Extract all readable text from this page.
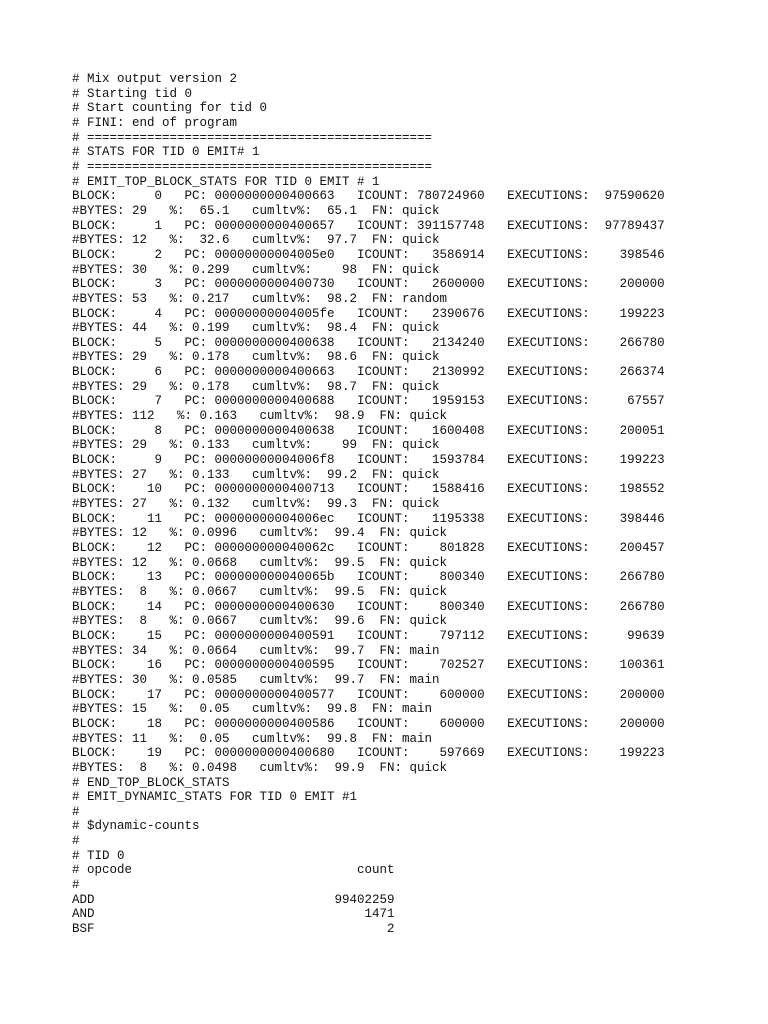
# Mix output version 2
# Starting tid 0
# Start counting for tid 0
# FINI: end of program
# ==============================================
# STATS FOR TID 0 EMIT# 1
# ==============================================
# EMIT_TOP_BLOCK_STATS FOR TID 0 EMIT # 1
BLOCK:     0   PC: 0000000000400663   ICOUNT: 780724960   EXECUTIONS:  97590620
#BYTES: 29   %:  65.1   cumltv%:  65.1  FN: quick
BLOCK:     1   PC: 0000000000400657   ICOUNT: 391157748   EXECUTIONS:  97789437
#BYTES: 12   %:  32.6   cumltv%:  97.7  FN: quick
BLOCK:     2   PC: 00000000004005e0   ICOUNT:   3586914   EXECUTIONS:    398546
#BYTES: 30   %: 0.299   cumltv%:    98  FN: quick
BLOCK:     3   PC: 0000000000400730   ICOUNT:   2600000   EXECUTIONS:    200000
#BYTES: 53   %: 0.217   cumltv%:  98.2  FN: random
BLOCK:     4   PC: 00000000004005fe   ICOUNT:   2390676   EXECUTIONS:    199223
#BYTES: 44   %: 0.199   cumltv%:  98.4  FN: quick
BLOCK:     5   PC: 0000000000400638   ICOUNT:   2134240   EXECUTIONS:    266780
#BYTES: 29   %: 0.178   cumltv%:  98.6  FN: quick
BLOCK:     6   PC: 0000000000400663   ICOUNT:   2130992   EXECUTIONS:    266374
#BYTES: 29   %: 0.178   cumltv%:  98.7  FN: quick
BLOCK:     7   PC: 0000000000400688   ICOUNT:   1959153   EXECUTIONS:     67557
#BYTES: 112   %: 0.163   cumltv%:  98.9  FN: quick
BLOCK:     8   PC: 0000000000400638   ICOUNT:   1600408   EXECUTIONS:    200051
#BYTES: 29   %: 0.133   cumltv%:    99  FN: quick
BLOCK:     9   PC: 00000000004006f8   ICOUNT:   1593784   EXECUTIONS:    199223
#BYTES: 27   %: 0.133   cumltv%:  99.2  FN: quick
BLOCK:    10   PC: 0000000000400713   ICOUNT:   1588416   EXECUTIONS:    198552
#BYTES: 27   %: 0.132   cumltv%:  99.3  FN: quick
BLOCK:    11   PC: 00000000004006ec   ICOUNT:   1195338   EXECUTIONS:    398446
#BYTES: 12   %: 0.0996   cumltv%:  99.4  FN: quick
BLOCK:    12   PC: 000000000040062c   ICOUNT:    801828   EXECUTIONS:    200457
#BYTES: 12   %: 0.0668   cumltv%:  99.5  FN: quick
BLOCK:    13   PC: 000000000040065b   ICOUNT:    800340   EXECUTIONS:    266780
#BYTES:  8   %: 0.0667   cumltv%:  99.5  FN: quick
BLOCK:    14   PC: 0000000000400630   ICOUNT:    800340   EXECUTIONS:    266780
#BYTES:  8   %: 0.0667   cumltv%:  99.6  FN: quick
BLOCK:    15   PC: 0000000000400591   ICOUNT:    797112   EXECUTIONS:     99639
#BYTES: 34   %: 0.0664   cumltv%:  99.7  FN: main
BLOCK:    16   PC: 0000000000400595   ICOUNT:    702527   EXECUTIONS:    100361
#BYTES: 30   %: 0.0585   cumltv%:  99.7  FN: main
BLOCK:    17   PC: 0000000000400577   ICOUNT:    600000   EXECUTIONS:    200000
#BYTES: 15   %:  0.05   cumltv%:  99.8  FN: main
BLOCK:    18   PC: 0000000000400586   ICOUNT:    600000   EXECUTIONS:    200000
#BYTES: 11   %:  0.05   cumltv%:  99.8  FN: main
BLOCK:    19   PC: 0000000000400680   ICOUNT:    597669   EXECUTIONS:    199223
#BYTES:  8   %: 0.0498   cumltv%:  99.9  FN: quick
# END_TOP_BLOCK_STATS
# EMIT_DYNAMIC_STATS FOR TID 0 EMIT #1
#
# $dynamic-counts
#
# TID 0
# opcode                              count
#
ADD                                99402259
AND                                    1471
BSF                                       2
